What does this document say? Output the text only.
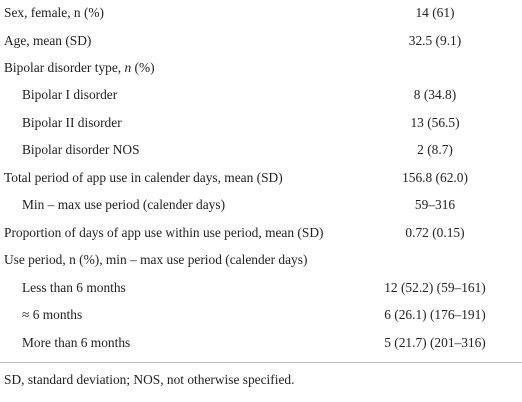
Sex, female, n (%)	14 (61)
Age, mean (SD)	32.5 (9.1)
Bipolar disorder type, n (%)
Bipolar I disorder	8 (34.8)
Bipolar II disorder	13 (56.5)
Bipolar disorder NOS	2 (8.7)
Total period of app use in calender days, mean (SD)	156.8 (62.0)
Min – max use period (calender days)	59–316
Proportion of days of app use within use period, mean (SD)	0.72 (0.15)
Use period, n (%), min – max use period (calender days)
Less than 6 months	12 (52.2) (59–161)
≈ 6 months	6 (26.1) (176–191)
More than 6 months	5 (21.7) (201–316)
SD, standard deviation; NOS, not otherwise specified.
